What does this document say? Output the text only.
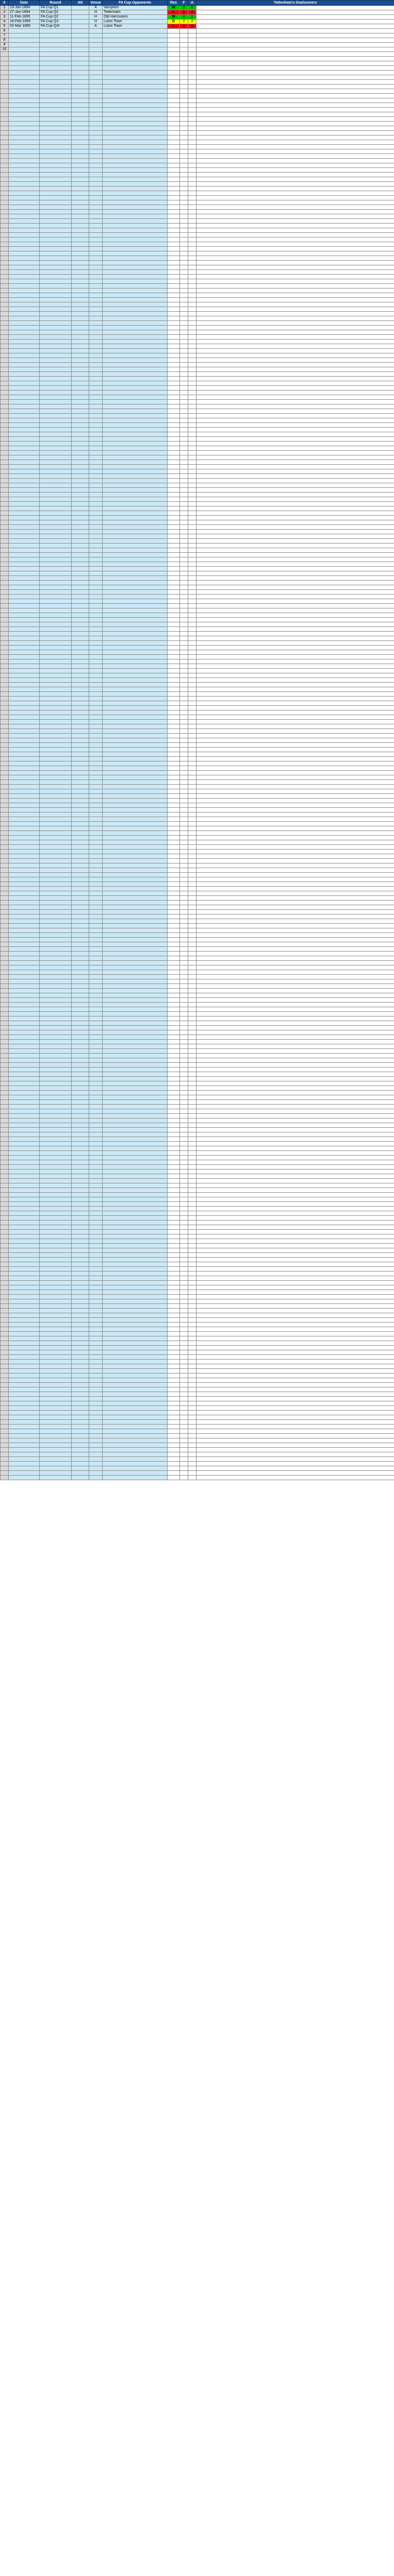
#	Date	Round	Att	Venue	FA Cup Opponents	Res	F	A	Tottenham's Goalscorers
1	13-Jan-1894	FA Cup Q1		A	Vampires	W	3	0	
2	27-Jan-1894	FA Cup Q2		H	Tottenham	L	1	3	
3	11-Feb-1895	FA Cup Q2		H	Old Harrovians	W	2	1	
4	18-Feb-1895	FA Cup Q3		H	Luton Town	D	2	2	
5	02-Mar-1895	FA Cup Q3r		A	Luton Town	L	0	4	
6									
7									
8									
9									
10									
